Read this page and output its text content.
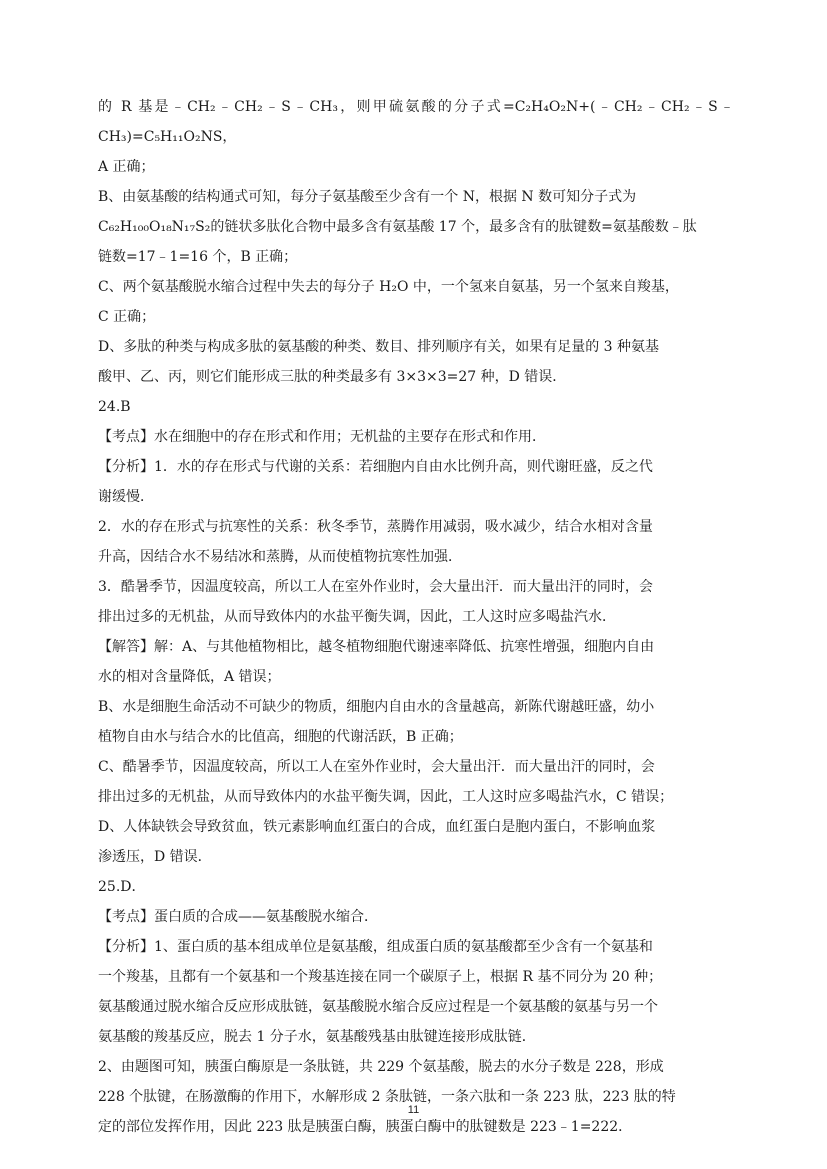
的 R 基是﹣CH₂﹣CH₂﹣S﹣CH₃，则甲硫氨酸的分子式=C₂H₄O₂N+(﹣CH₂﹣CH₂﹣S﹣CH₃)=C₅H₁₁O₂NS，

A 正确；

B、由氨基酸的结构通式可知，每分子氨基酸至少含有一个 N，根据 N 数可知分子式为

C₆₂H₁₀₀O₁₈N₁₇S₂的链状多肽化合物中最多含有氨基酸 17 个，最多含有的肽键数=氨基酸数﹣肽

链数=17﹣1=16 个，B 正确；

C、两个氨基酸脱水缩合过程中失去的每分子 H₂O 中，一个氢来自氨基，另一个氢来自羧基，

C 正确；

D、多肽的种类与构成多肽的氨基酸的种类、数目、排列顺序有关，如果有足量的 3 种氨基

酸甲、乙、丙，则它们能形成三肽的种类最多有 3×3×3=27 种，D 错误．

24.B

【考点】水在细胞中的存在形式和作用；无机盐的主要存在形式和作用．

【分析】1．水的存在形式与代谢的关系：若细胞内自由水比例升高，则代谢旺盛，反之代

谢缓慢．

2．水的存在形式与抗寒性的关系：秋冬季节，蒸腾作用减弱，吸水减少，结合水相对含量

升高，因结合水不易结冰和蒸腾，从而使植物抗寒性加强．

3．酷暑季节，因温度较高，所以工人在室外作业时，会大量出汗．而大量出汗的同时，会

排出过多的无机盐，从而导致体内的水盐平衡失调，因此，工人这时应多喝盐汽水．

【解答】解：A、与其他植物相比，越冬植物细胞代谢速率降低、抗寒性增强，细胞内自由

水的相对含量降低，A 错误；

B、水是细胞生命活动不可缺少的物质，细胞内自由水的含量越高，新陈代谢越旺盛，幼小

植物自由水与结合水的比值高，细胞的代谢活跃，B 正确；

C、酷暑季节，因温度较高，所以工人在室外作业时，会大量出汗．而大量出汗的同时，会

排出过多的无机盐，从而导致体内的水盐平衡失调，因此，工人这时应多喝盐汽水，C 错误；

D、人体缺铁会导致贫血，铁元素影响血红蛋白的合成，血红蛋白是胞内蛋白，不影响血浆

渗透压，D 错误．

25.D．

【考点】蛋白质的合成——氨基酸脱水缩合．

【分析】1、蛋白质的基本组成单位是氨基酸，组成蛋白质的氨基酸都至少含有一个氨基和

一个羧基，且都有一个氨基和一个羧基连接在同一个碳原子上，根据 R 基不同分为 20 种；

氨基酸通过脱水缩合反应形成肽链，氨基酸脱水缩合反应过程是一个氨基酸的氨基与另一个

氨基酸的羧基反应，脱去 1 分子水，氨基酸残基由肽键连接形成肽链．

2、由题图可知，胰蛋白酶原是一条肽链，共 229 个氨基酸，脱去的水分子数是 228，形成

228 个肽键，在肠激酶的作用下，水解形成 2 条肽链，一条六肽和一条 223 肽，223 肽的特

定的部位发挥作用，因此 223 肽是胰蛋白酶，胰蛋白酶中的肽键数是 223﹣1=222．

11
